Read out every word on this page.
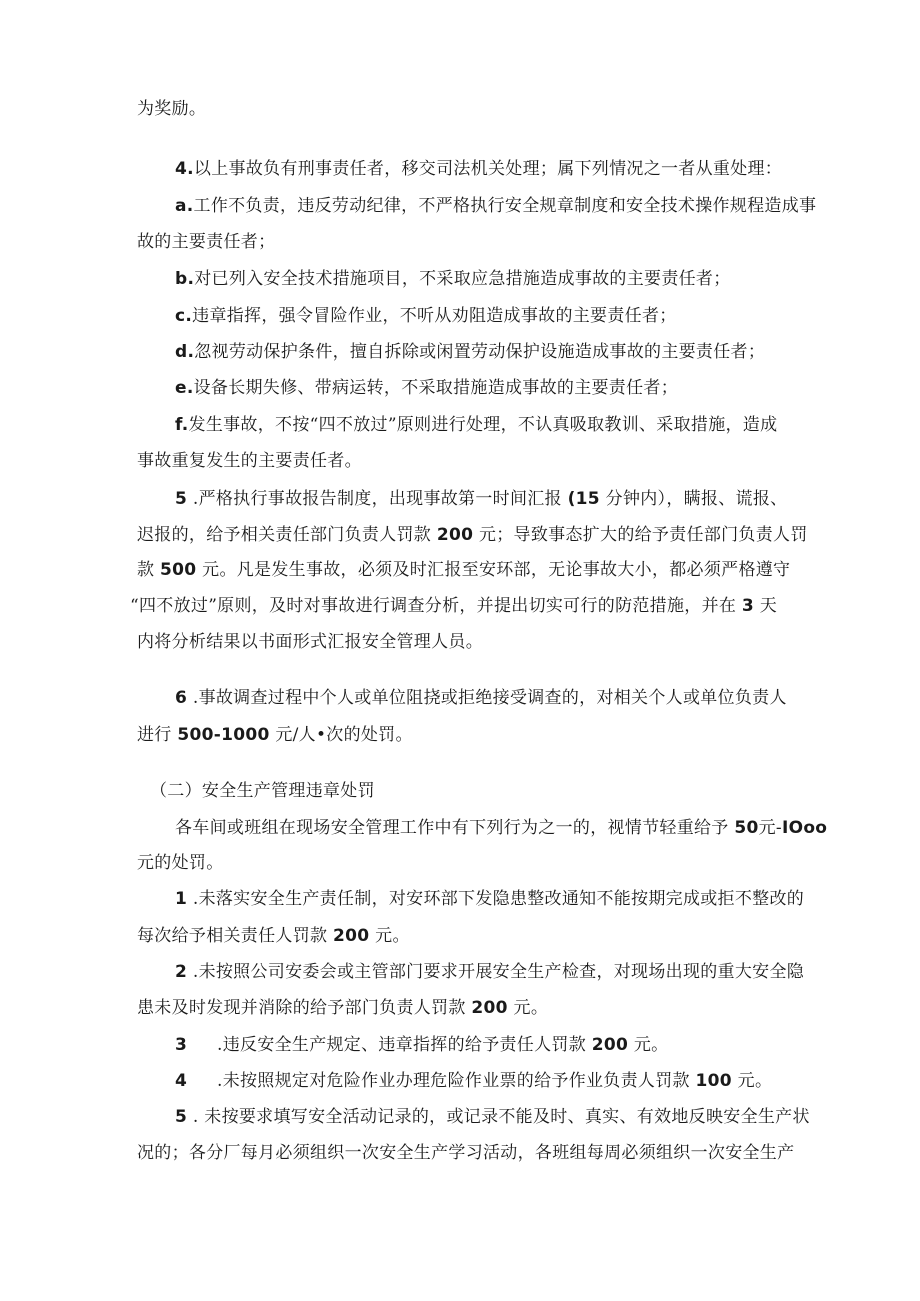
为奖励。
4.以上事故负有刑事责任者，移交司法机关处理；属下列情况之一者从重处理：
a.工作不负责，违反劳动纪律，不严格执行安全规章制度和安全技术操作规程造成事
故的主要责任者；
b.对已列入安全技术措施项目，不采取应急措施造成事故的主要责任者；
c.违章指挥，强令冒险作业，不听从劝阻造成事故的主要责任者；
d.忽视劳动保护条件，擅自拆除或闲置劳动保护设施造成事故的主要责任者；
e.设备长期失修、带病运转，不采取措施造成事故的主要责任者；
f.发生事故，不按“四不放过”原则进行处理，不认真吸取教训、采取措施，造成
事故重复发生的主要责任者。
5 .严格执行事故报告制度，出现事故第一时间汇报 (15 分钟内），瞒报、谎报、
迟报的，给予相关责任部门负责人罚款 200 元；导致事态扩大的给予责任部门负责人罚
款 500 元。凡是发生事故，必须及时汇报至安环部，无论事故大小，都必须严格遵守
“四不放过”原则，及时对事故进行调查分析，并提出切实可行的防范措施，并在 3 天
内将分析结果以书面形式汇报安全管理人员。
6 .事故调查过程中个人或单位阻挠或拒绝接受调查的，对相关个人或单位负责人
进行 500-1000 元/人•次的处罚。
（二）安全生产管理违章处罚
各车间或班组在现场安全管理工作中有下列行为之一的，视情节轻重给予 50元-IOoo
元的处罚。
1 .未落实安全生产责任制，对安环部下发隐患整改通知不能按期完成或拒不整改的
每次给予相关责任人罚款 200 元。
2 .未按照公司安委会或主管部门要求开展安全生产检查，对现场出现的重大安全隐
患未及时发现并消除的给予部门负责人罚款 200 元。
3 .违反安全生产规定、违章指挥的给予责任人罚款 200 元。
4 .未按照规定对危险作业办理危险作业票的给予作业负责人罚款 100 元。
5 . 未按要求填写安全活动记录的，或记录不能及时、真实、有效地反映安全生产状
况的；各分厂每月必须组织一次安全生产学习活动，各班组每周必须组织一次安全生产
